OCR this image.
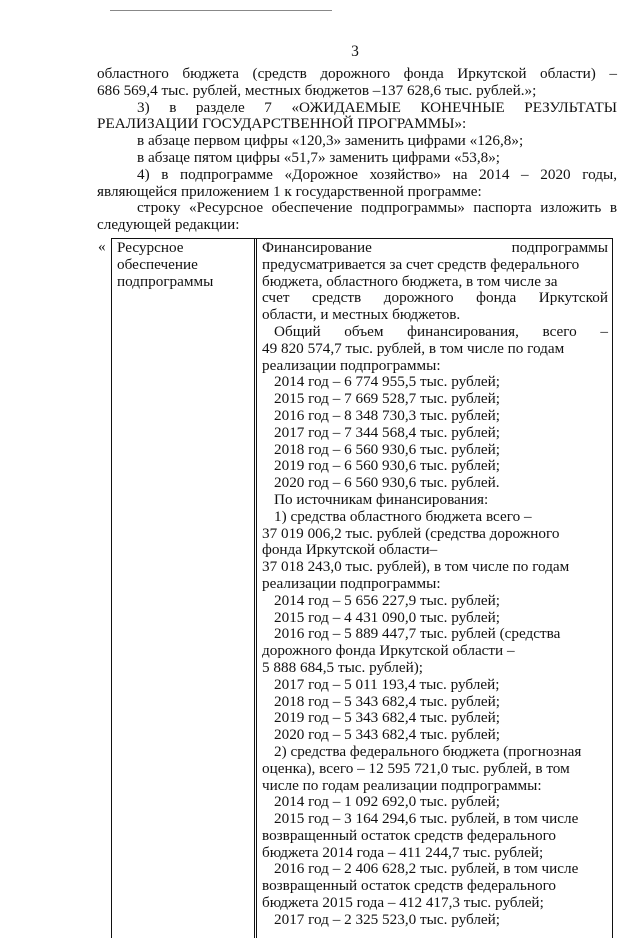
3

областного бюджета (средств дорожного фонда Иркутской области) –

686 569,4 тыс. рублей, местных бюджетов –137 628,6 тыс. рублей.»;

3) в разделе 7 «ОЖИДАЕМЫЕ КОНЕЧНЫЕ РЕЗУЛЬТАТЫ

РЕАЛИЗАЦИИ ГОСУДАРСТВЕННОЙ ПРОГРАММЫ»:

в абзаце первом цифры «120,3» заменить цифрами «126,8»;

в абзаце пятом цифры «51,7» заменить цифрами «53,8»;

4) в подпрограмме «Дорожное хозяйство» на 2014 – 2020 годы,

являющейся приложением 1 к государственной программе:

строку «Ресурсное обеспечение подпрограммы» паспорта изложить в

следующей редакции:

« Ресурсное
обеспечение
подпрограммы
Финансирование подпрограммы
предусматривается за счет средств федерального
бюджета, областного бюджета, в том числе за
счет средств дорожного фонда Иркутской
области, и местных бюджетов.
Общий объем финансирования, всего –
49 820 574,7 тыс. рублей, в том числе по годам
реализации подпрограммы:
2014 год – 6 774 955,5 тыс. рублей;
2015 год – 7 669 528,7 тыс. рублей;
2016 год – 8 348 730,3 тыс. рублей;
2017 год – 7 344 568,4 тыс. рублей;
2018 год – 6 560 930,6 тыс. рублей;
2019 год – 6 560 930,6 тыс. рублей;
2020 год – 6 560 930,6 тыс. рублей.
По источникам финансирования:
1) средства областного бюджета всего –
37 019 006,2 тыс. рублей (средства дорожного
фонда Иркутской области–
37 018 243,0 тыс. рублей), в том числе по годам
реализации подпрограммы:
2014 год – 5 656 227,9 тыс. рублей;
2015 год – 4 431 090,0 тыс. рублей;
2016 год – 5 889 447,7 тыс. рублей (средства
дорожного фонда Иркутской области –
5 888 684,5 тыс. рублей);
2017 год – 5 011 193,4 тыс. рублей;
2018 год – 5 343 682,4 тыс. рублей;
2019 год – 5 343 682,4 тыс. рублей;
2020 год – 5 343 682,4 тыс. рублей;
2) средства федерального бюджета (прогнозная
оценка), всего – 12 595 721,0 тыс. рублей, в том
числе по годам реализации подпрограммы:
2014 год – 1 092 692,0 тыс. рублей;
2015 год – 3 164 294,6 тыс. рублей, в том числе
возвращенный остаток средств федерального
бюджета 2014 года – 411 244,7 тыс. рублей;
2016 год – 2 406 628,2 тыс. рублей, в том числе
возвращенный остаток средств федерального
бюджета 2015 года – 412 417,3 тыс. рублей;
2017 год – 2 325 523,0 тыс. рублей;
